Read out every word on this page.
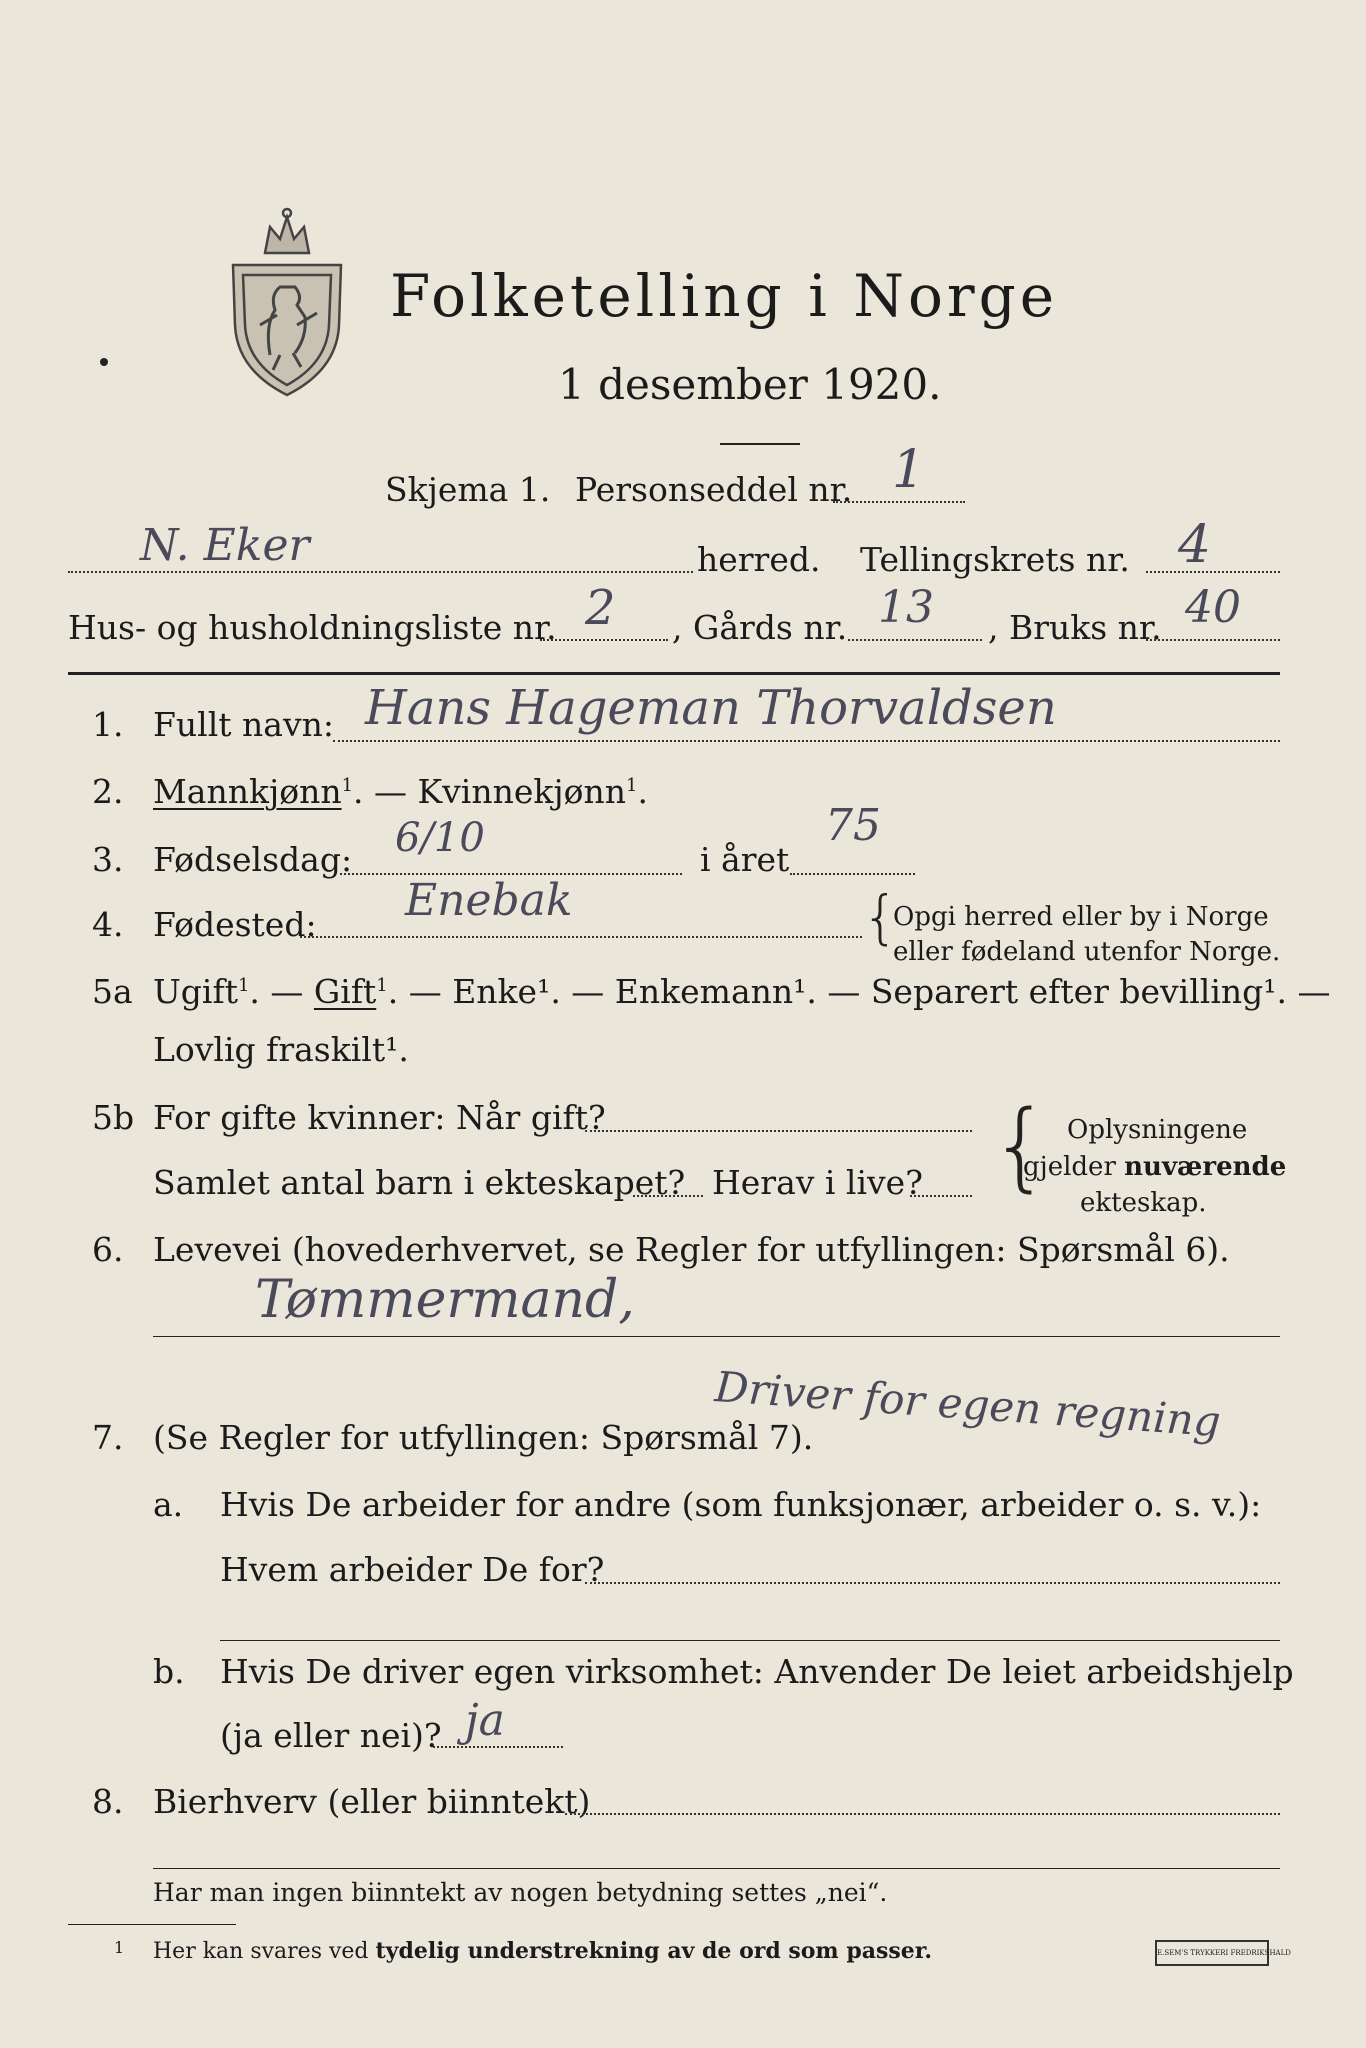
Folketelling i Norge
1 desember 1920.
Skjema 1. Personseddel nr. 1
N. Eker	herred. Tellingskrets nr. 4
Hus- og husholdningsliste nr. 2 , Gårds nr. 13 , Bruks nr. 40
1. Fullt navn: Hans Hageman Thorvaldsen
2. Mannkjønn$^1$. — Kvinnekjønn$^1$.
3. Fødselsdag: 6/10	i året
75
4. Fødested: Enebak	{
Opgi herred eller by i Norge
eller fødeland utenfor Norge.
5a Ugift$^1$. — Gift$^1$. — Enke¹. — Enkemann¹. — Separert efter bevilling¹. —
Lovlig fraskilt¹.
5b For gifte kvinner: Når gift?
Samlet antal barn i ekteskapet? Herav i live? { Oplysningene
gjelder nuværende
ekteskap.
6. Levevei (hovederhvervet, se Regler for utfyllingen: Spørsmål 6).
Tømmermand,
Driver for egen regning
7. (Se Regler for utfyllingen: Spørsmål 7).
a. Hvis De arbeider for andre (som funksjonær, arbeider o. s. v.):
Hvem arbeider De for?
b. Hvis De driver egen virksomhet: Anvender De leiet arbeidshjelp
(ja eller nei)? ja
8. Bierhverv (eller biinntekt)
Har man ingen biinntekt av nogen betydning settes „nei“.
1 Her kan svares ved tydelig understrekning av de ord som passer.	E.SEM'S TRYKKERI FREDRIKSHALD
